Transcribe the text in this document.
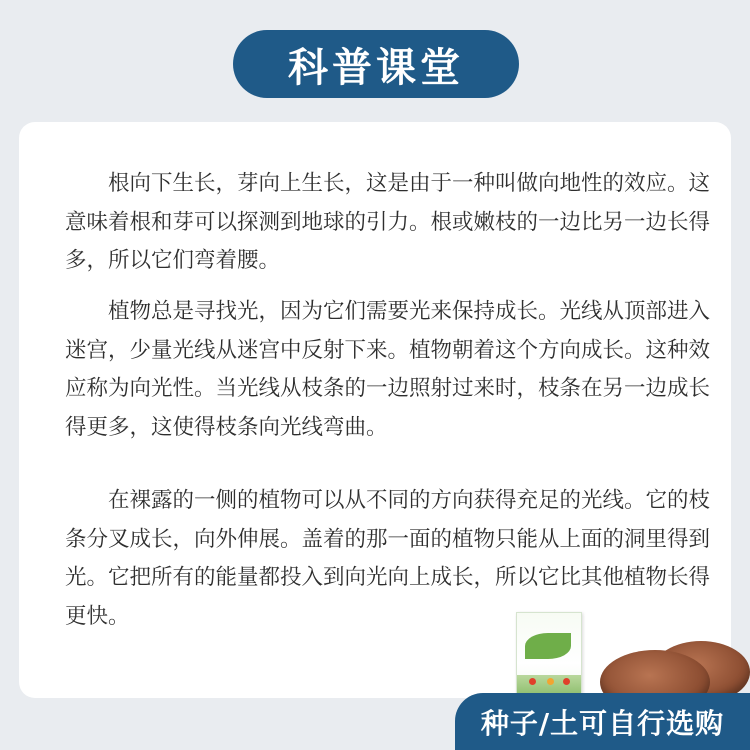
科普课堂

根向下生长，芽向上生长，这是由于一种叫做向地性的效应。这意味着根和芽可以探测到地球的引力。根或嫩枝的一边比另一边长得多，所以它们弯着腰。

植物总是寻找光，因为它们需要光来保持成长。光线从顶部进入迷宫，少量光线从迷宫中反射下来。植物朝着这个方向成长。这种效应称为向光性。当光线从枝条的一边照射过来时，枝条在另一边成长得更多，这使得枝条向光线弯曲。

在裸露的一侧的植物可以从不同的方向获得充足的光线。它的枝条分叉成长，向外伸展。盖着的那一面的植物只能从上面的洞里得到光。它把所有的能量都投入到向光向上成长，所以它比其他植物长得更快。

种子/土可自行选购
